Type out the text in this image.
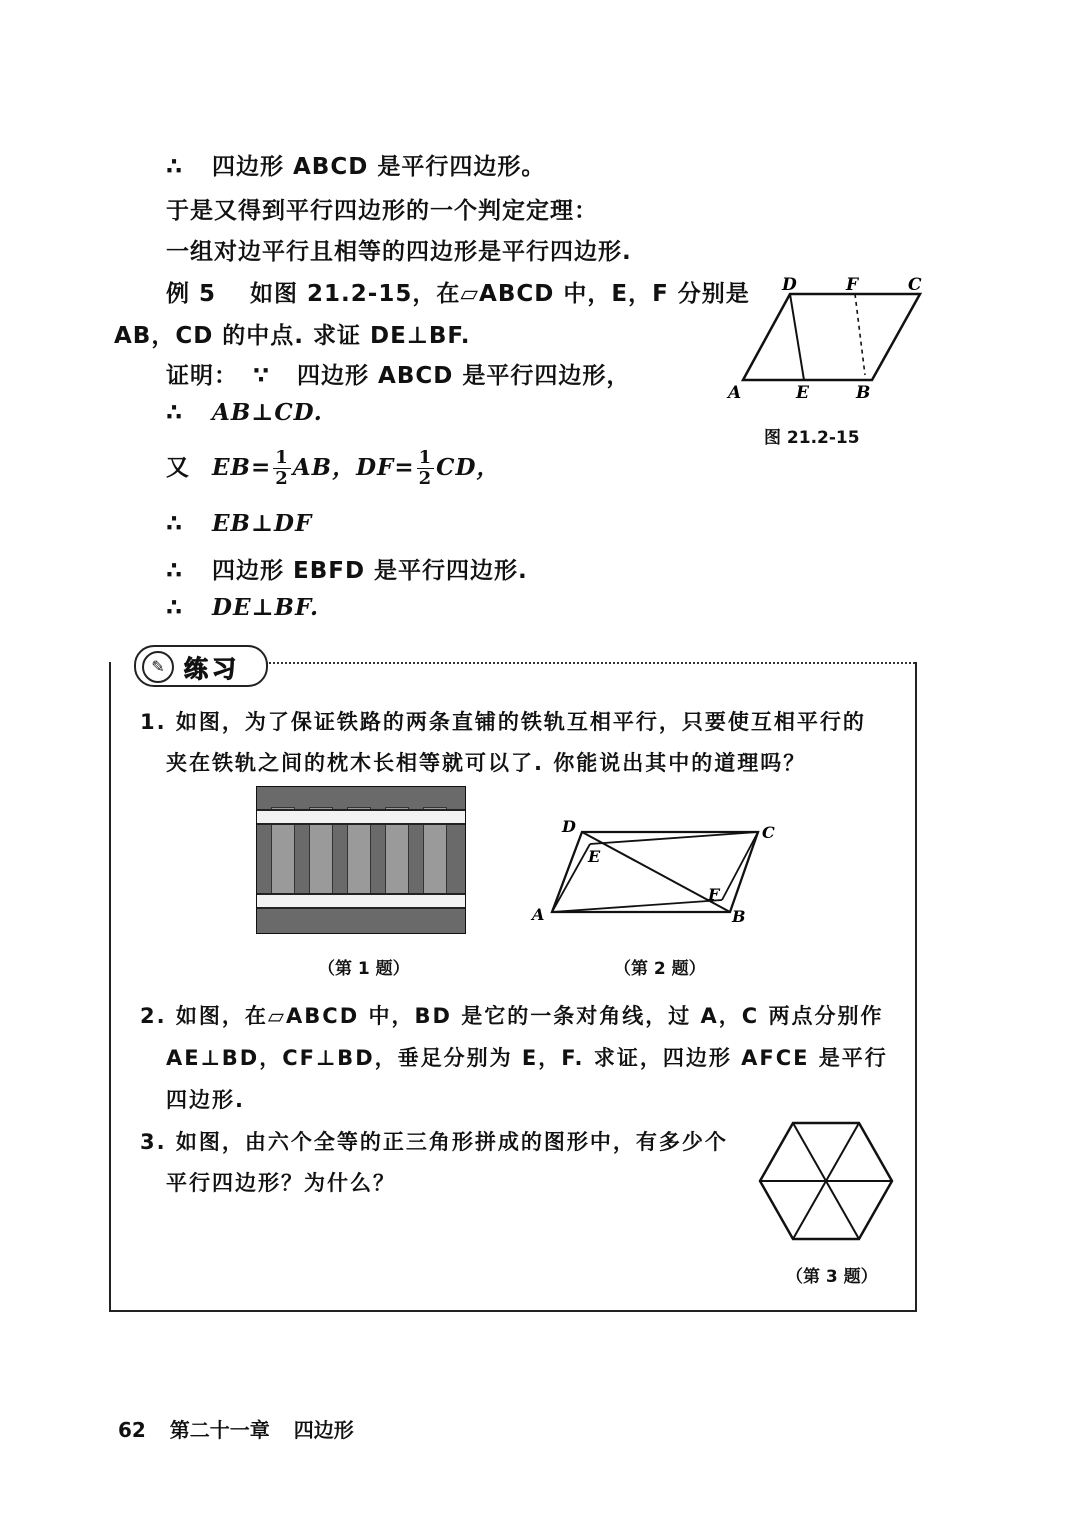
∴ 四边形 ABCD 是平行四边形。
于是又得到平行四边形的一个判定定理：
一组对边平行且相等的四边形是平行四边形.
例 5 如图 21.2-15，在▱ABCD 中，E，F 分别是
AB，CD 的中点. 求证 DE⊥BF.
证明： ∵ 四边形 ABCD 是平行四边形，
∴ AB⊥CD.
又 $EB= \frac{1}{2}$ AB，$DF= \frac{1}{2}$ CD，
∴ EB⊥DF
∴ 四边形 EBFD 是平行四边形.
∴ DE⊥BF.
A	E	B
D	F	C
图 21.2-15
✎ 练习
1. 如图，为了保证铁路的两条直铺的铁轨互相平行，只要使互相平行的
夹在铁轨之间的枕木长相等就可以了. 你能说出其中的道理吗？
（第 1 题）
D
E
C
F
A	B
（第 2 题）
2. 如图，在▱ABCD 中，BD 是它的一条对角线，过 A，C 两点分别作
AE⊥BD，CF⊥BD，垂足分别为 E，F. 求证，四边形 AFCE 是平行
四边形.
3. 如图，由六个全等的正三角形拼成的图形中，有多少个
平行四边形？为什么？
（第 3 题）
62 第二十一章 四边形
